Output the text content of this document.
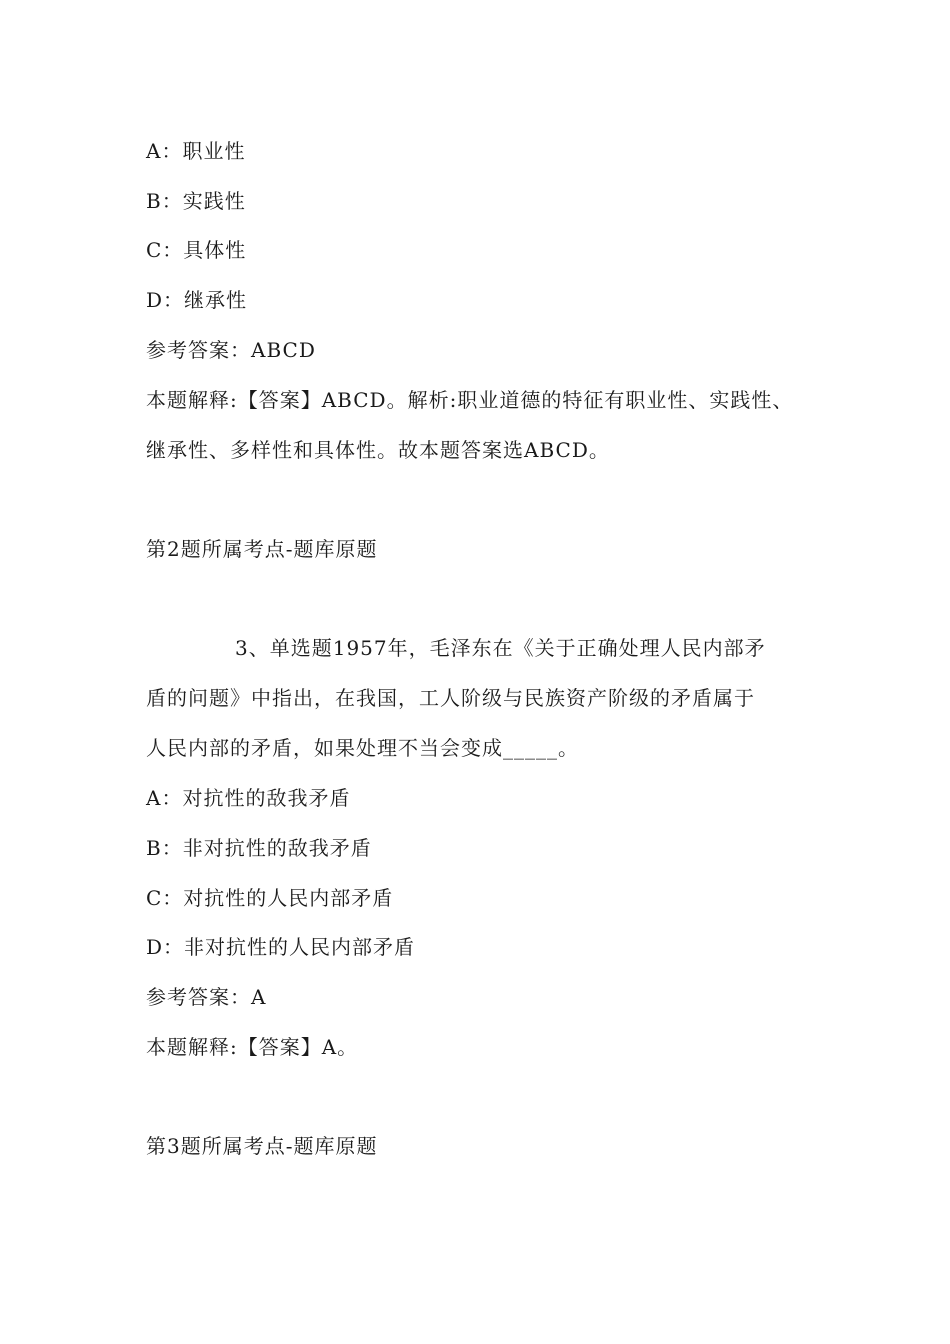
A：职业性
B：实践性
C：具体性
D：继承性
参考答案：ABCD
本题解释:【答案】ABCD。解析:职业道德的特征有职业性、实践性、
继承性、多样性和具体性。故本题答案选ABCD。
第2题所属考点-题库原题
3、单选题1957年，毛泽东在《关于正确处理人民内部矛
盾的问题》中指出，在我国，工人阶级与民族资产阶级的矛盾属于
人民内部的矛盾，如果处理不当会变成_____。
A：对抗性的敌我矛盾
B：非对抗性的敌我矛盾
C：对抗性的人民内部矛盾
D：非对抗性的人民内部矛盾
参考答案：A
本题解释:【答案】A。
第3题所属考点-题库原题
